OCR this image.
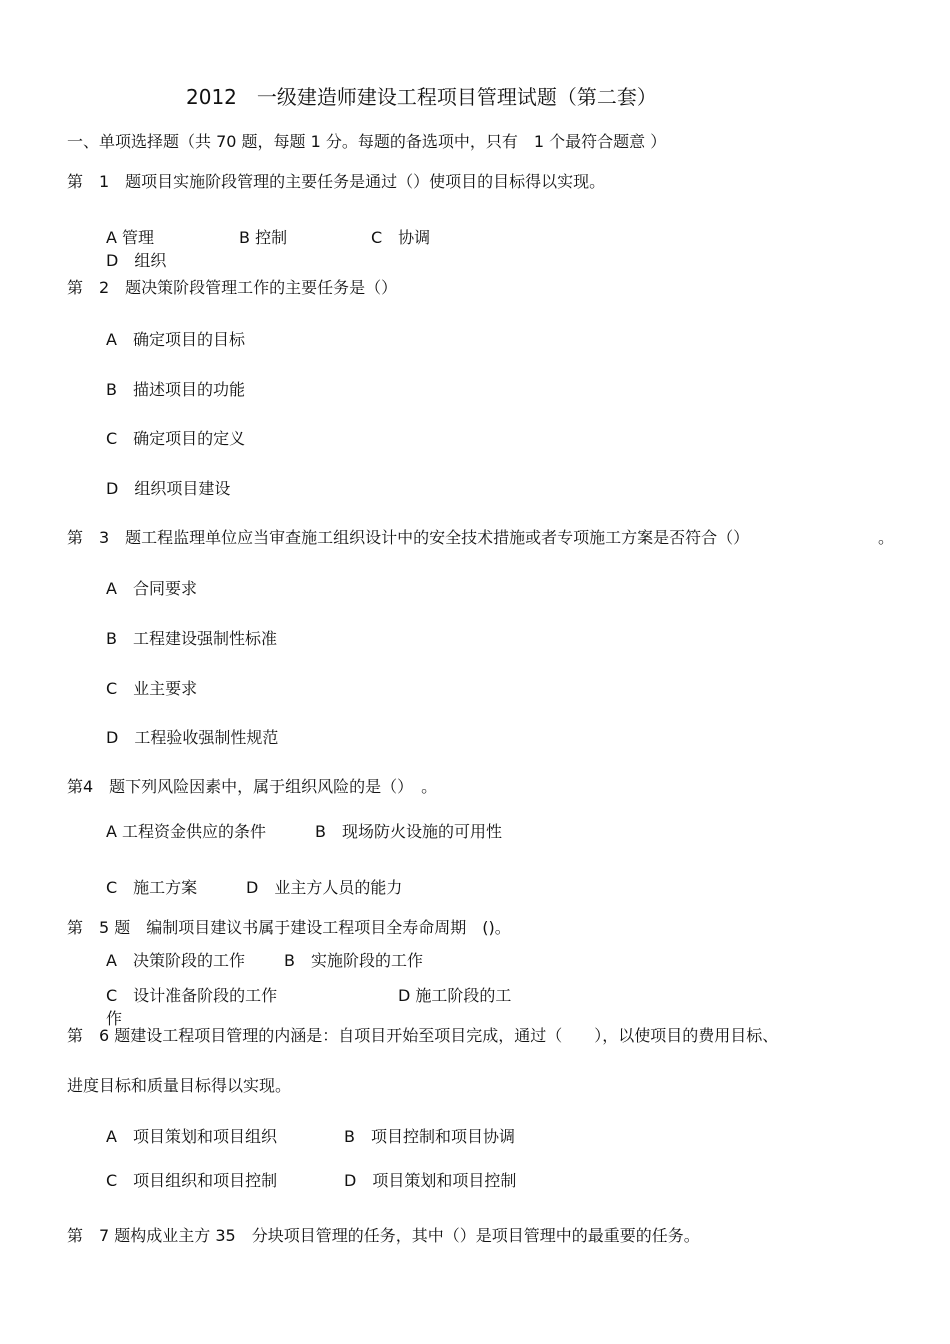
2012　一级建造师建设工程项目管理试题（第二套）
一、单项选择题（共 70 题，每题 1 分。每题的备选项中，只有　1 个最符合题意 ）
第　1　题项目实施阶段管理的主要任务是通过（）使项目的目标得以实现。
A 管理	B 控制	C　协调
D　组织
第　2　题决策阶段管理工作的主要任务是（）
A　确定项目的目标
B　描述项目的功能
C　确定项目的定义
D　组织项目建设
第　3　题工程监理单位应当审查施工组织设计中的安全技术措施或者专项施工方案是否符合（）	。
A　合同要求
B　工程建设强制性标准
C　业主要求
D　工程验收强制性规范
第4　题下列风险因素中，属于组织风险的是（）　。
A 工程资金供应的条件	B　现场防火设施的可用性
C　施工方案	D　业主方人员的能力
第　5 题　编制项目建议书属于建设工程项目全寿命周期　()。
A　决策阶段的工作 B　实施阶段的工作
C　设计准备阶段的工作	D 施工阶段的工
作
第　6 题建设工程项目管理的内涵是：自项目开始至项目完成，通过（　　），以使项目的费用目标、
进度目标和质量目标得以实现。
A　项目策划和项目组织	B　项目控制和项目协调
C　项目组织和项目控制	D　项目策划和项目控制
第　7 题构成业主方 35　分块项目管理的任务，其中（）是项目管理中的最重要的任务。
